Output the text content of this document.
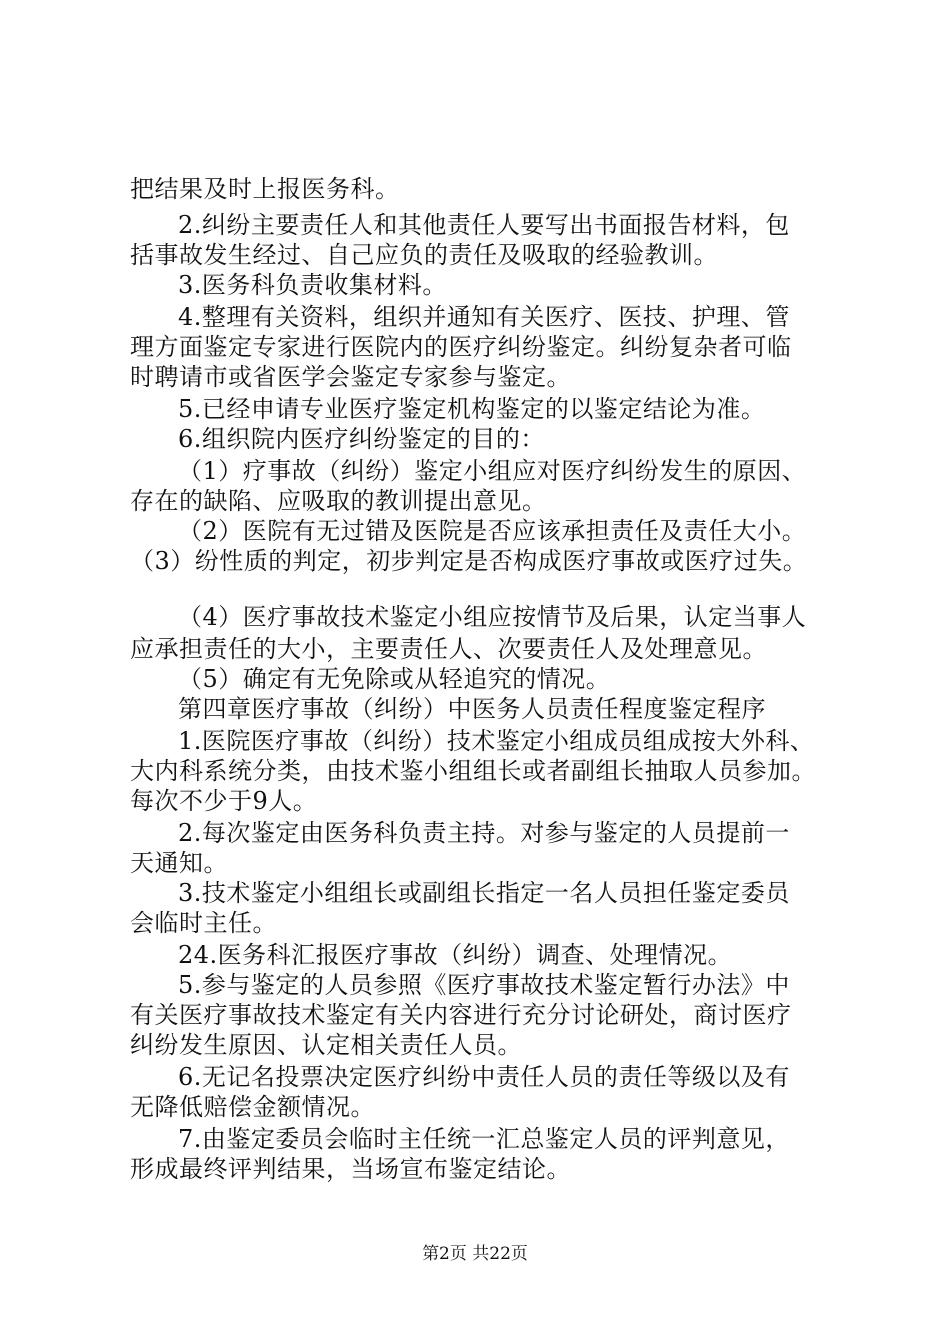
把结果及时上报医务科。
2.纠纷主要责任人和其他责任人要写出书面报告材料，包
括事故发生经过、自己应负的责任及吸取的经验教训。
3.医务科负责收集材料。
4.整理有关资料，组织并通知有关医疗、医技、护理、管
理方面鉴定专家进行医院内的医疗纠纷鉴定。纠纷复杂者可临
时聘请市或省医学会鉴定专家参与鉴定。
5.已经申请专业医疗鉴定机构鉴定的以鉴定结论为准。
6.组织院内医疗纠纷鉴定的目的：
（1）疗事故（纠纷）鉴定小组应对医疗纠纷发生的原因、
存在的缺陷、应吸取的教训提出意见。
（2）医院有无过错及医院是否应该承担责任及责任大小。
（3）纷性质的判定，初步判定是否构成医疗事故或医疗过失。
（4）医疗事故技术鉴定小组应按情节及后果，认定当事人
应承担责任的大小，主要责任人、次要责任人及处理意见。
（5）确定有无免除或从轻追究的情况。
第四章医疗事故（纠纷）中医务人员责任程度鉴定程序
1.医院医疗事故（纠纷）技术鉴定小组成员组成按大外科、
大内科系统分类，由技术鉴小组组长或者副组长抽取人员参加。
每次不少于9人。
2.每次鉴定由医务科负责主持。对参与鉴定的人员提前一
天通知。
3.技术鉴定小组组长或副组长指定一名人员担任鉴定委员
会临时主任。
24.医务科汇报医疗事故（纠纷）调查、处理情况。
5.参与鉴定的人员参照《医疗事故技术鉴定暂行办法》中
有关医疗事故技术鉴定有关内容进行充分讨论研处，商讨医疗
纠纷发生原因、认定相关责任人员。
6.无记名投票决定医疗纠纷中责任人员的责任等级以及有
无降低赔偿金额情况。
7.由鉴定委员会临时主任统一汇总鉴定人员的评判意见，
形成最终评判结果，当场宣布鉴定结论。
第2页 共22页
